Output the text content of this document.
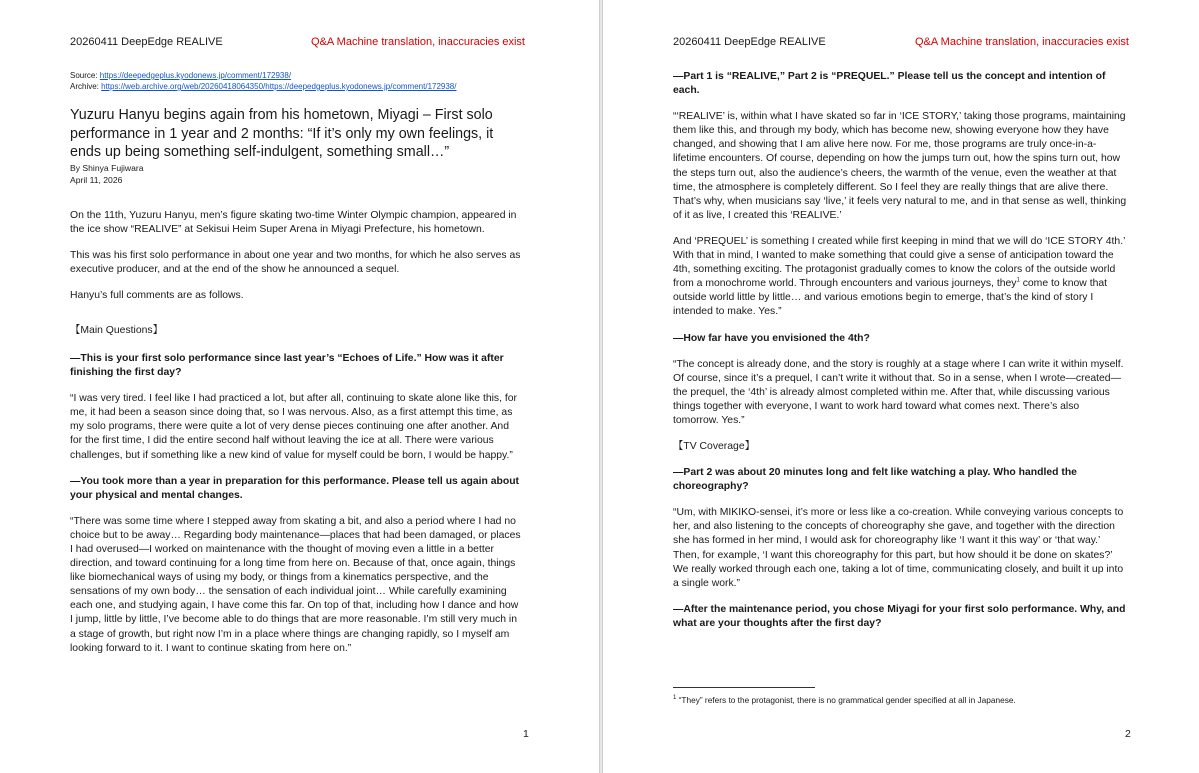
20260411 DeepEdge REALIVE	Q&A Machine translation, inaccuracies exist
Source: https://deepedgeplus.kyodonews.jp/comment/172938/
Archive: https://web.archive.org/web/20260418064350/https://deepedgeplus.kyodonews.jp/comment/172938/
Yuzuru Hanyu begins again from his hometown, Miyagi – First solo performance in 1 year and 2 months: “If it’s only my own feelings, it ends up being something self-indulgent, something small…”
By Shinya Fujiwara
April 11, 2026

On the 11th, Yuzuru Hanyu, men’s figure skating two-time Winter Olympic champion, appeared in the ice show “REALIVE” at Sekisui Heim Super Arena in Miyagi Prefecture, his hometown.

This was his first solo performance in about one year and two months, for which he also serves as executive producer, and at the end of the show he announced a sequel.

Hanyu’s full comments are as follows.

【Main Questions】

—This is your first solo performance since last year’s “Echoes of Life.” How was it after finishing the first day?

“I was very tired. I feel like I had practiced a lot, but after all, continuing to skate alone like this, for me, it had been a season since doing that, so I was nervous. Also, as a first attempt this time, as my solo programs, there were quite a lot of very dense pieces continuing one after another. And for the first time, I did the entire second half without leaving the ice at all. There were various challenges, but if something like a new kind of value for myself could be born, I would be happy.”

—You took more than a year in preparation for this performance. Please tell us again about your physical and mental changes.

“There was some time where I stepped away from skating a bit, and also a period where I had no choice but to be away… Regarding body maintenance—places that had been damaged, or places I had overused—I worked on maintenance with the thought of moving even a little in a better direction, and toward continuing for a long time from here on. Because of that, once again, things like biomechanical ways of using my body, or things from a kinematics perspective, and the sensations of my own body… the sensation of each individual joint… While carefully examining each one, and studying again, I have come this far. On top of that, including how I dance and how I jump, little by little, I’ve become able to do things that are more reasonable. I’m still very much in a stage of growth, but right now I’m in a place where things are changing rapidly, so I myself am looking forward to it. I want to continue skating from here on.”

1
20260411 DeepEdge REALIVE	Q&A Machine translation, inaccuracies exist

—Part 1 is “REALIVE,” Part 2 is “PREQUEL.” Please tell us the concept and intention of each.

“‘REALIVE’ is, within what I have skated so far in ‘ICE STORY,’ taking those programs, maintaining them like this, and through my body, which has become new, showing everyone how they have changed, and showing that I am alive here now. For me, those programs are truly once-in-a-lifetime encounters. Of course, depending on how the jumps turn out, how the spins turn out, how the steps turn out, also the audience’s cheers, the warmth of the venue, even the weather at that time, the atmosphere is completely different. So I feel they are really things that are alive there. That’s why, when musicians say ‘live,’ it feels very natural to me, and in that sense as well, thinking of it as live, I created this ‘REALIVE.’

And ‘PREQUEL’ is something I created while first keeping in mind that we will do ‘ICE STORY 4th.’ With that in mind, I wanted to make something that could give a sense of anticipation toward the 4th, something exciting. The protagonist gradually comes to know the colors of the outside world from a monochrome world. Through encounters and various journeys, they$^1$ come to know that outside world little by little… and various emotions begin to emerge, that’s the kind of story I intended to make. Yes.”

—How far have you envisioned the 4th?

“The concept is already done, and the story is roughly at a stage where I can write it within myself. Of course, since it’s a prequel, I can’t write it without that. So in a sense, when I wrote—created—the prequel, the ‘4th’ is already almost completed within me. After that, while discussing various things together with everyone, I want to work hard toward what comes next. There’s also tomorrow. Yes.”

【TV Coverage】

—Part 2 was about 20 minutes long and felt like watching a play. Who handled the choreography?

“Um, with MIKIKO-sensei, it’s more or less like a co-creation. While conveying various concepts to her, and also listening to the concepts of choreography she gave, and together with the direction she has formed in her mind, I would ask for choreography like ‘I want it this way’ or ‘that way.’ Then, for example, ‘I want this choreography for this part, but how should it be done on skates?’ We really worked through each one, taking a lot of time, communicating closely, and built it up into a single work.”

—After the maintenance period, you chose Miyagi for your first solo performance. Why, and what are your thoughts after the first day?

$^1$ “They” refers to the protagonist, there is no grammatical gender specified at all in Japanese.
2
